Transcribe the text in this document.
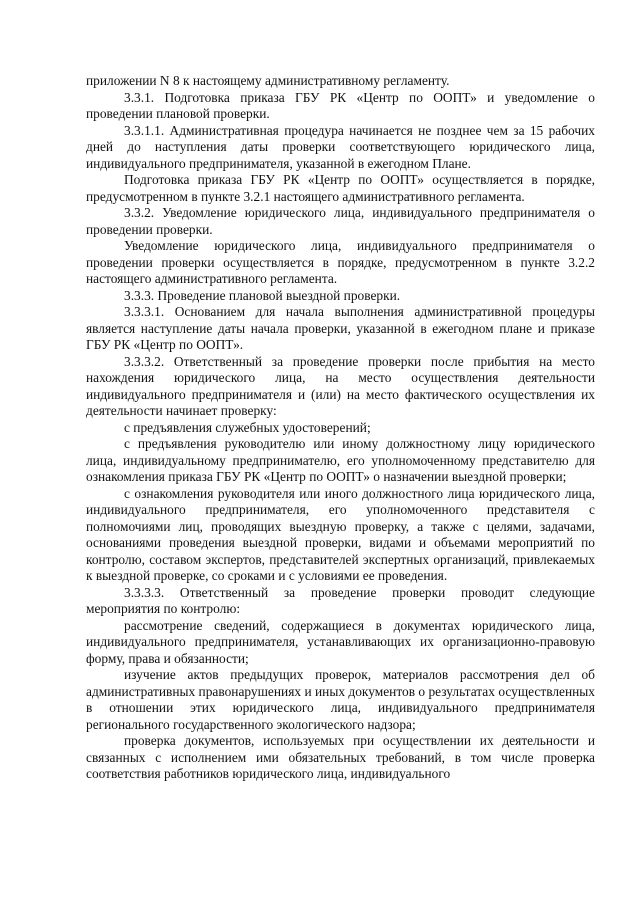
приложении N 8 к настоящему административному регламенту.

3.3.1. Подготовка приказа ГБУ РК «Центр по ООПТ» и уведомление о проведении плановой проверки.

3.3.1.1. Административная процедура начинается не позднее чем за 15 рабочих дней до наступления даты проверки соответствующего юридического лица, индивидуального предпринимателя, указанной в ежегодном Плане.

Подготовка приказа ГБУ РК «Центр по ООПТ» осуществляется в порядке, предусмотренном в пункте 3.2.1 настоящего административного регламента.

3.3.2. Уведомление юридического лица, индивидуального предпринимателя о проведении проверки.

Уведомление юридического лица, индивидуального предпринимателя о проведении проверки осуществляется в порядке, предусмотренном в пункте 3.2.2 настоящего административного регламента.

3.3.3. Проведение плановой выездной проверки.

3.3.3.1. Основанием для начала выполнения административной процедуры является наступление даты начала проверки, указанной в ежегодном плане и приказе ГБУ РК «Центр по ООПТ».

3.3.3.2. Ответственный за проведение проверки после прибытия на место нахождения юридического лица, на место осуществления деятельности индивидуального предпринимателя и (или) на место фактического осуществления их деятельности начинает проверку:

с предъявления служебных удостоверений;

с предъявления руководителю или иному должностному лицу юридического лица, индивидуальному предпринимателю, его уполномоченному представителю для ознакомления приказа ГБУ РК «Центр по ООПТ» о назначении выездной проверки;

с ознакомления руководителя или иного должностного лица юридического лица, индивидуального предпринимателя, его уполномоченного представителя с полномочиями лиц, проводящих выездную проверку, а также с целями, задачами, основаниями проведения выездной проверки, видами и объемами мероприятий по контролю, составом экспертов, представителей экспертных организаций, привлекаемых к выездной проверке, со сроками и с условиями ее проведения.

3.3.3.3. Ответственный за проведение проверки проводит следующие мероприятия по контролю:

рассмотрение сведений, содержащиеся в документах юридического лица, индивидуального предпринимателя, устанавливающих их организационно-правовую форму, права и обязанности;

изучение актов предыдущих проверок, материалов рассмотрения дел об административных правонарушениях и иных документов о результатах осуществленных в отношении этих юридического лица, индивидуального предпринимателя регионального государственного экологического надзора;

проверка документов, используемых при осуществлении их деятельности и связанных с исполнением ими обязательных требований, в том числе проверка соответствия работников юридического лица, индивидуального
